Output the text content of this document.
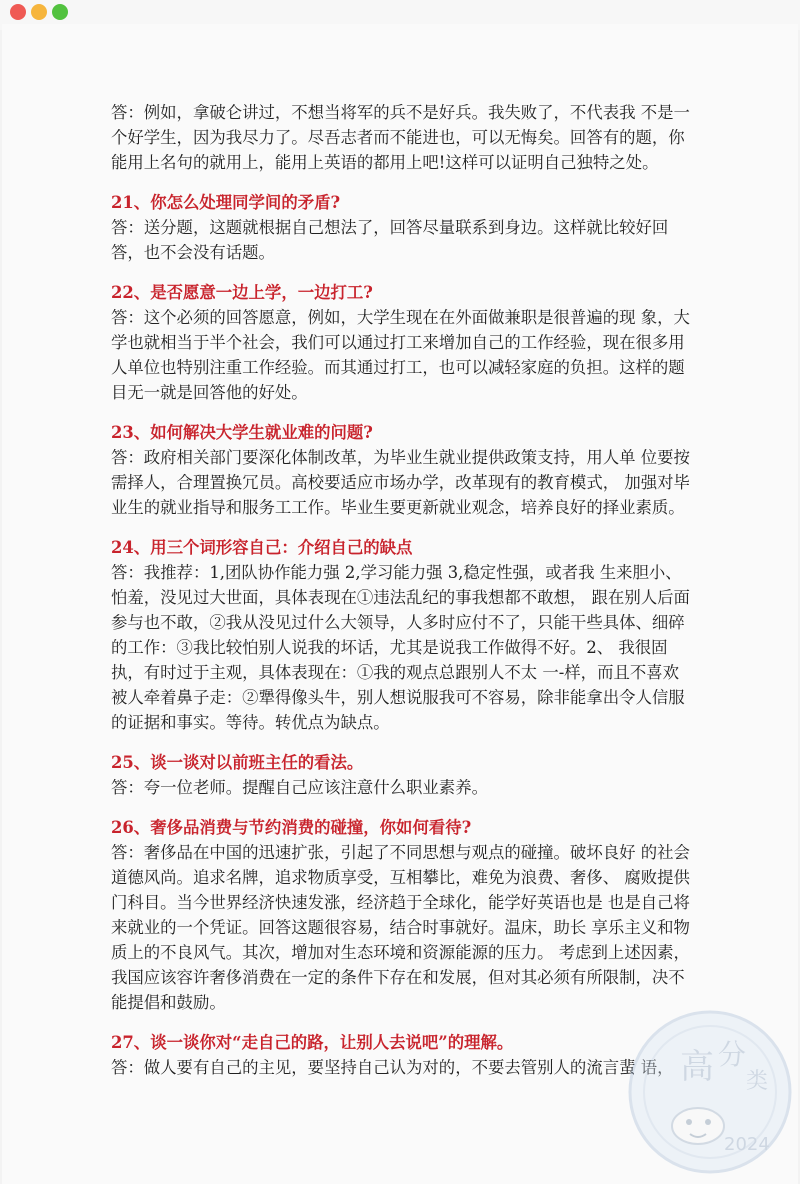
答：例如，拿破仑讲过，不想当将军的兵不是好兵。我失败了，不代表我 不是一个好学生，因为我尽力了。尽吾志者而不能进也，可以无悔矣。回答有的题，你能用上名句的就用上，能用上英语的都用上吧!这样可以证明自己独特之处。

21、你怎么处理同学间的矛盾?

答：送分题，这题就根据自己想法了，回答尽量联系到身边。这样就比较好回答，也不会没有话题。

22、是否愿意一边上学，一边打工?

答：这个必须的回答愿意，例如，大学生现在在外面做兼职是很普遍的现 象，大学也就相当于半个社会，我们可以通过打工来增加自己的工作经验，现在很多用人单位也特别注重工作经验。而其通过打工，也可以减轻家庭的负担。这样的题目无一就是回答他的好处。

23、如何解决大学生就业难的问题?

答：政府相关部门要深化体制改革，为毕业生就业提供政策支持，用人单 位要按需择人，合理置换冗员。高校要适应市场办学，改革现有的教育模式， 加强对毕业生的就业指导和服务工工作。毕业生要更新就业观念，培养良好的择业素质。

24、用三个词形容自己：介绍自己的缺点

答：我推荐：1,团队协作能力强 2,学习能力强 3,稳定性强，或者我 生来胆小、怕羞，没见过大世面，具体表现在①违法乱纪的事我想都不敢想， 跟在别人后面参与也不敢，②我从没见过什么大领导，人多时应付不了，只能干些具体、细碎的工作：③我比较怕别人说我的坏话，尤其是说我工作做得不好。2、 我很固执，有时过于主观，具体表现在：①我的观点总跟别人不太 一-样，而且不喜欢被人牵着鼻子走：②犟得像头牛，别人想说服我可不容易，除非能拿出令人信服的证据和事实。等待。转优点为缺点。

25、谈一谈对以前班主任的看法。

答：夸一位老师。提醒自己应该注意什么职业素养。

26、奢侈品消费与节约消费的碰撞，你如何看待?

答：奢侈品在中国的迅速扩张，引起了不同思想与观点的碰撞。破坏良好 的社会道德风尚。追求名牌，追求物质享受，互相攀比，难免为浪费、奢侈、 腐败提供门科目。当今世界经济快速发涨，经济趋于全球化，能学好英语也是 也是自己将来就业的一个凭证。回答这题很容易，结合时事就好。温床，助长 享乐主义和物质上的不良风气。其次，增加对生态环境和资源能源的压力。 考虑到上述因素，我国应该容许奢侈消费在一定的条件下存在和发展，但对其必须有所限制，决不能提倡和鼓励。

27、谈一谈你对“走自己的路，让别人去说吧”的理解。

答：做人要有自己的主见，要坚持自己认为对的，不要去管别人的流言蜚 语， 高 分
类
2024
